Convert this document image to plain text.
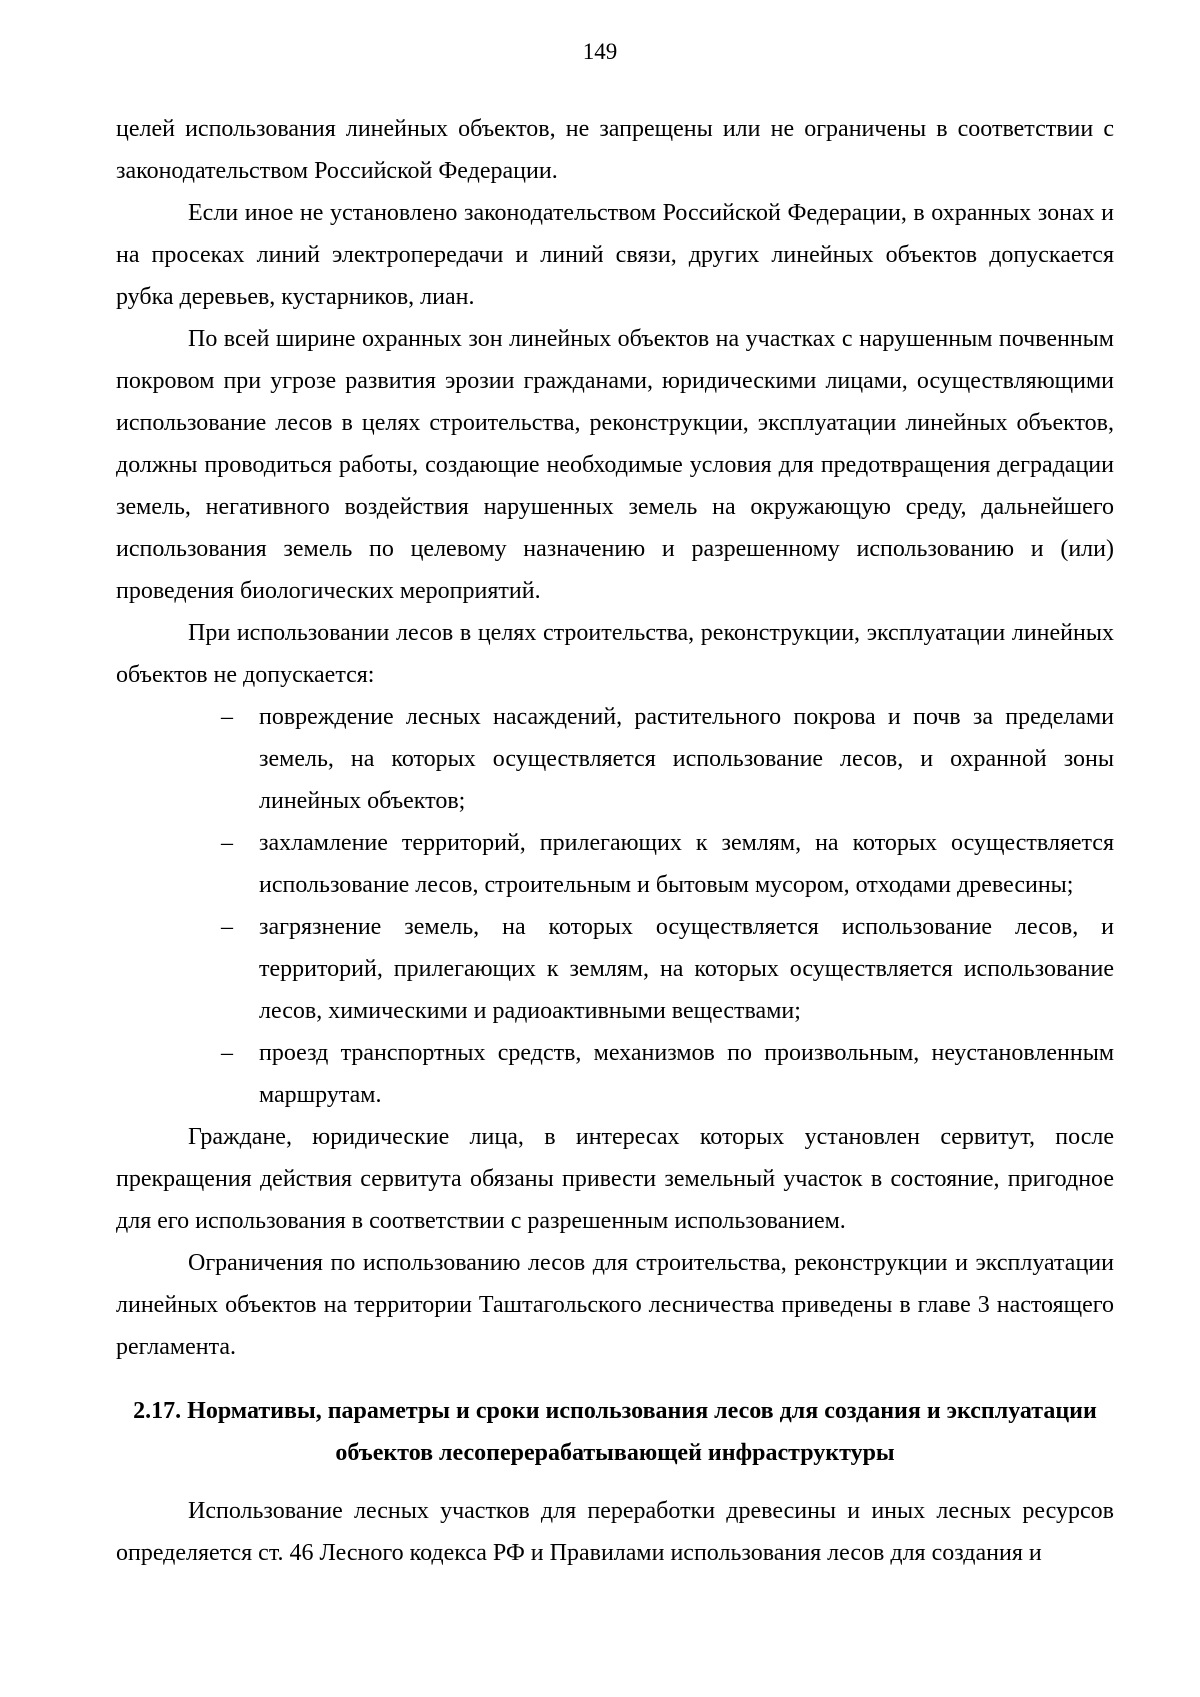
149

целей использования линейных объектов, не запрещены или не ограничены в соответствии с законодательством Российской Федерации.

Если иное не установлено законодательством Российской Федерации, в охранных зонах и на просеках линий электропередачи и линий связи, других линейных объектов допускается рубка деревьев, кустарников, лиан.

По всей ширине охранных зон линейных объектов на участках с нарушенным почвенным покровом при угрозе развития эрозии гражданами, юридическими лицами, осуществляющими использование лесов в целях строительства, реконструкции, эксплуатации линейных объектов, должны проводиться работы, создающие необходимые условия для предотвращения деградации земель, негативного воздействия нарушенных земель на окружающую среду, дальнейшего использования земель по целевому назначению и разрешенному использованию и (или) проведения биологических мероприятий.

При использовании лесов в целях строительства, реконструкции, эксплуатации линейных объектов не допускается:

– повреждение лесных насаждений, растительного покрова и почв за пределами земель, на которых осуществляется использование лесов, и охранной зоны линейных объектов;
– захламление территорий, прилегающих к землям, на которых осуществляется использование лесов, строительным и бытовым мусором, отходами древесины;
– загрязнение земель, на которых осуществляется использование лесов, и территорий, прилегающих к землям, на которых осуществляется использование лесов, химическими и радиоактивными веществами;
– проезд транспортных средств, механизмов по произвольным, неустановленным маршрутам.

Граждане, юридические лица, в интересах которых установлен сервитут, после прекращения действия сервитута обязаны привести земельный участок в состояние, пригодное для его использования в соответствии с разрешенным использованием.

Ограничения по использованию лесов для строительства, реконструкции и эксплуатации линейных объектов на территории Таштагольского лесничества приведены в главе 3 настоящего регламента.

2.17. Нормативы, параметры и сроки использования лесов для создания и эксплуатации объектов лесоперерабатывающей инфраструктуры

Использование лесных участков для переработки древесины и иных лесных ресурсов определяется ст. 46 Лесного кодекса РФ и Правилами использования лесов для создания и
